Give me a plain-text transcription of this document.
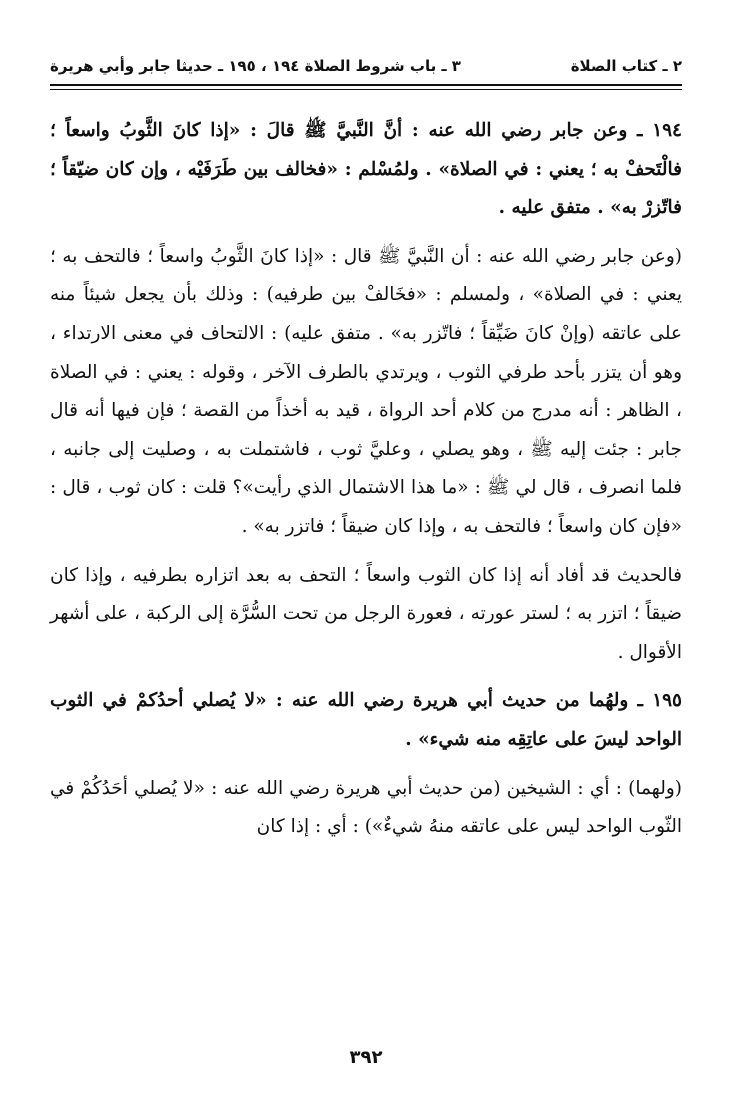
٢ ـ كتاب الصلاة
٣ ـ باب شروط الصلاة ١٩٤ ، ١٩٥ ـ حديثا جابر وأبي هريرة

١٩٤ ـ وعن جابر رضي الله عنه : أنَّ النَّبيَّ ﷺ قالَ : «إذا كانَ الثَّوبُ واسعاً ؛ فالْتَحفْ به ؛ يعني : في الصلاة» . ولمُسْلم : «فخالف بين طَرَفَيْه ، وإن كان ضيّقاً ؛ فاتّزرْ به» . متفق عليه .

(وعن جابر رضي الله عنه : أن النَّبيَّ ﷺ قال : «إذا كانَ الثَّوبُ واسعاً ؛ فالتحف به ؛ يعني : في الصلاة» ، ولمسلم : «فخَالفْ بين طرفيه) : وذلك بأن يجعل شيئاً منه على عاتقه (وإنْ كانَ ضَيِّقاً ؛ فاتّزر به» . متفق عليه) : الالتحاف في معنى الارتداء ، وهو أن يتزر بأحد طرفي الثوب ، ويرتدي بالطرف الآخر ، وقوله : يعني : في الصلاة ، الظاهر : أنه مدرج من كلام أحد الرواة ، قيد به أخذاً من القصة ؛ فإن فيها أنه قال جابر : جئت إليه ﷺ ، وهو يصلي ، وعليَّ ثوب ، فاشتملت به ، وصليت إلى جانبه ، فلما انصرف ، قال لي ﷺ : «ما هذا الاشتمال الذي رأيت»؟ قلت : كان ثوب ، قال : «فإن كان واسعاً ؛ فالتحف به ، وإذا كان ضيقاً ؛ فاتزر به» .

فالحديث قد أفاد أنه إذا كان الثوب واسعاً ؛ التحف به بعد اتزاره بطرفيه ، وإذا كان ضيقاً ؛ اتزر به ؛ لستر عورته ، فعورة الرجل من تحت السُّرَّة إلى الركبة ، على أشهر الأقوال .

١٩٥ ـ ولهُما من حديث أبي هريرة رضي الله عنه : «لا يُصلي أحدُكمْ في الثوب الواحد ليسَ على عاتِقِه منه شيء» .

(ولهما) : أي : الشيخين (من حديث أبي هريرة رضي الله عنه : «لا يُصلي أحَدُكُمْ في الثّوب الواحد ليس على عاتقه منهُ شيءٌ») : أي : إذا كان

٣٩٢
